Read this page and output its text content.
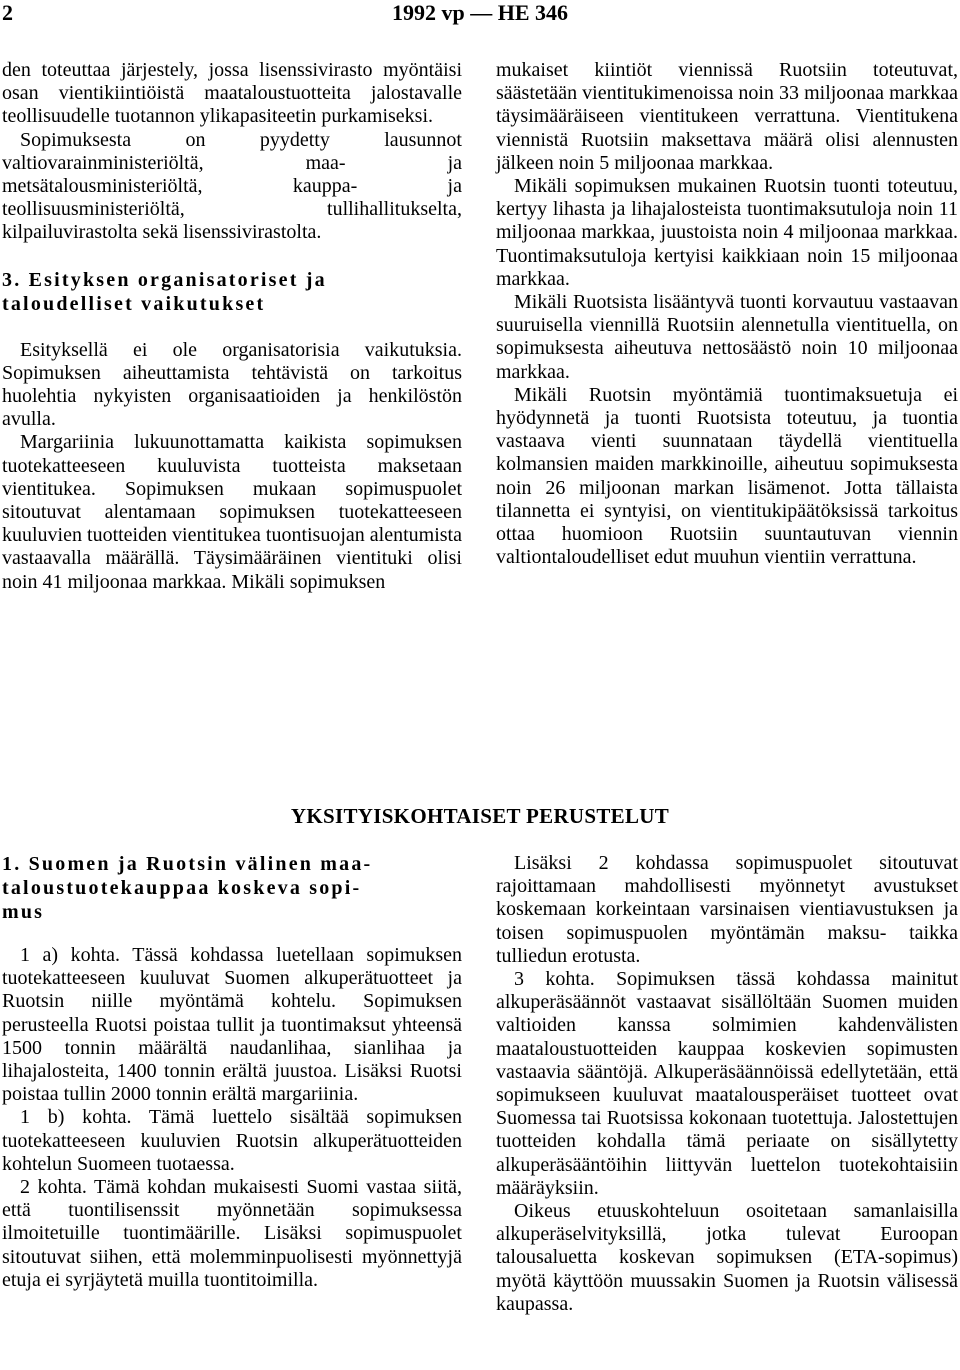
2	1992 vp — HE 346

den toteuttaa järjestely, jossa lisenssivirasto myöntäisi osan vientikiintiöistä maataloustuotteita jalostavalle teollisuudelle tuotannon ylikapasiteetin purkamiseksi.

Sopimuksesta on pyydetty lausunnot valtiovarainministeriöltä, maa- ja metsätalousministeriöltä, kauppa- ja teollisuusministeriöltä, tullihallitukselta, kilpailuvirastolta sekä lisenssivirastolta.

3. Esityksen organisatoriset ja

taloudelliset vaikutukset

Esityksellä ei ole organisatorisia vaikutuksia. Sopimuksen aiheuttamista tehtävistä on tarkoitus huolehtia nykyisten organisaatioiden ja henkilöstön avulla.

Margariinia lukuunottamatta kaikista sopimuksen tuotekatteeseen kuuluvista tuotteista maksetaan vientitukea. Sopimuksen mukaan sopimuspuolet sitoutuvat alentamaan sopimuksen tuotekatteeseen kuuluvien tuotteiden vientitukea tuontisuojan alentumista vastaavalla määrällä. Täysimääräinen vientituki olisi noin 41 miljoonaa markkaa. Mikäli sopimuksen

mukaiset kiintiöt viennissä Ruotsiin toteutuvat, säästetään vientitukimenoissa noin 33 miljoonaa markkaa täysimääräiseen vientitukeen verrattuna. Vientitukena viennistä Ruotsiin maksettava määrä olisi alennusten jälkeen noin 5 miljoonaa markkaa.

Mikäli sopimuksen mukainen Ruotsin tuonti toteutuu, kertyy lihasta ja lihajalosteista tuontimaksutuloja noin 11 miljoonaa markkaa, juustoista noin 4 miljoonaa markkaa. Tuontimaksutuloja kertyisi kaikkiaan noin 15 miljoonaa markkaa.

Mikäli Ruotsista lisääntyvä tuonti korvautuu vastaavan suuruisella viennillä Ruotsiin alennetulla vientituella, on sopimuksesta aiheutuva nettosäästö noin 10 miljoonaa markkaa.

Mikäli Ruotsin myöntämiä tuontimaksuetuja ei hyödynnetä ja tuonti Ruotsista toteutuu, ja tuontia vastaava vienti suunnataan täydellä vientituella kolmansien maiden markkinoille, aiheutuu sopimuksesta noin 26 miljoonan markan lisämenot. Jotta tällaista tilannetta ei syntyisi, on vientitukipäätöksissä tarkoitus ottaa huomioon Ruotsiin suuntautuvan viennin valtiontaloudelliset edut muuhun vientiin verrattuna.

YKSITYISKOHTAISET PERUSTELUT

1. Suomen ja Ruotsin välinen maa-

taloustuotekauppaa koskeva sopi-

mus

1 a) kohta. Tässä kohdassa luetellaan sopimuksen tuotekatteeseen kuuluvat Suomen alkuperätuotteet ja Ruotsin niille myöntämä kohtelu. Sopimuksen perusteella Ruotsi poistaa tullit ja tuontimaksut yhteensä 1500 tonnin määrältä naudanlihaa, sianlihaa ja lihajalosteita, 1400 tonnin erältä juustoa. Lisäksi Ruotsi poistaa tullin 2000 tonnin erältä margariinia.

1 b) kohta. Tämä luettelo sisältää sopimuksen tuotekatteeseen kuuluvien Ruotsin alkuperätuotteiden kohtelun Suomeen tuotaessa.

2 kohta. Tämä kohdan mukaisesti Suomi vastaa siitä, että tuontilisenssit myönnetään sopimuksessa ilmoitetuille tuontimäärille. Lisäksi sopimuspuolet sitoutuvat siihen, että molemminpuolisesti myönnettyjä etuja ei syrjäytetä muilla tuontitoimilla.

Lisäksi 2 kohdassa sopimuspuolet sitoutuvat rajoittamaan mahdollisesti myönnetyt avustukset koskemaan korkeintaan varsinaisen vientiavustuksen ja toisen sopimuspuolen myöntämän maksu- taikka tulliedun erotusta.

3 kohta. Sopimuksen tässä kohdassa mainitut alkuperäsäännöt vastaavat sisällöltään Suomen muiden valtioiden kanssa solmimien kahdenvälisten maataloustuotteiden kauppaa koskevien sopimusten vastaavia sääntöjä. Alkuperäsäännöissä edellytetään, että sopimukseen kuuluvat maatalousperäiset tuotteet ovat Suomessa tai Ruotsissa kokonaan tuotettuja. Jalostettujen tuotteiden kohdalla tämä periaate on sisällytetty alkuperäsääntöihin liittyvän luettelon tuotekohtaisiin määräyksiin.

Oikeus etuuskohteluun osoitetaan samanlaisilla alkuperäselvityksillä, jotka tulevat Euroopan talousaluetta koskevan sopimuksen (ETA-sopimus) myötä käyttöön muussakin Suomen ja Ruotsin välisessä kaupassa.
